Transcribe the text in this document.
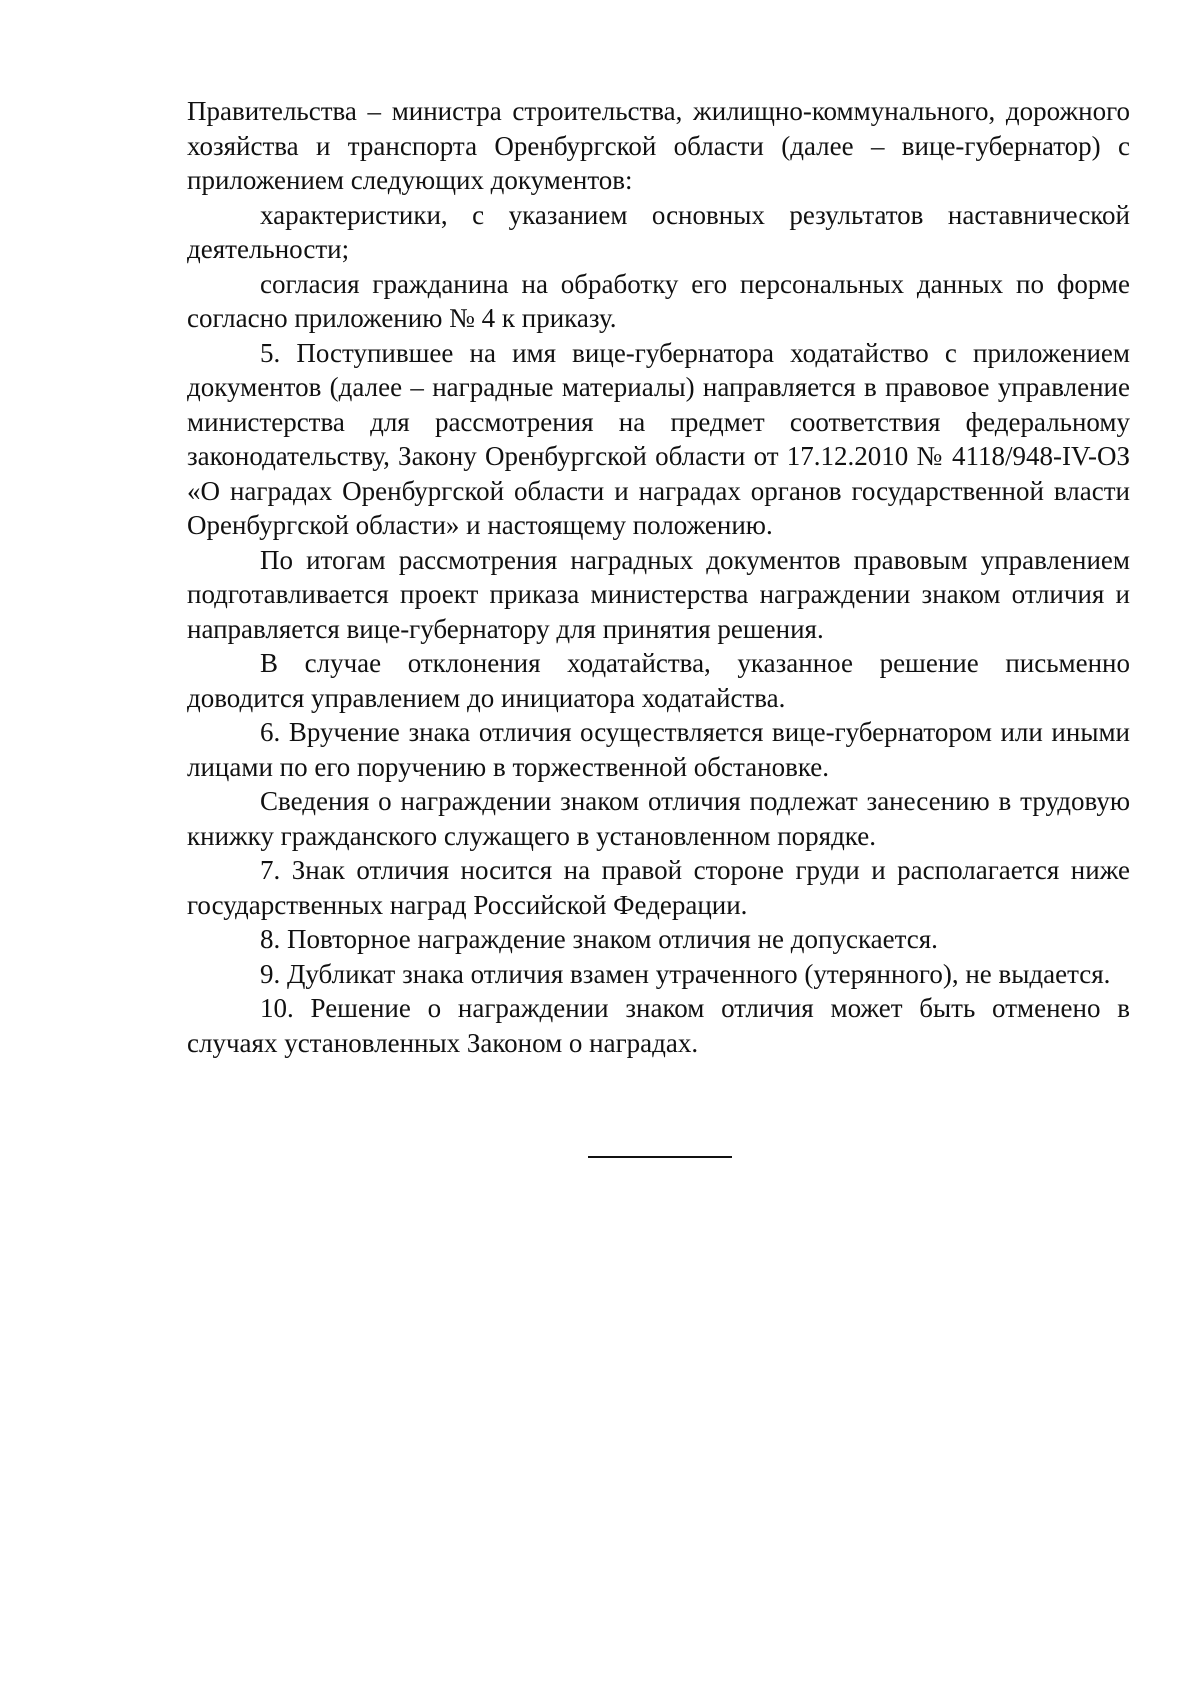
Правительства – министра строительства, жилищно-коммунального, дорожного хозяйства и транспорта Оренбургской области (далее – вице-губернатор) с приложением следующих документов:

характеристики, с указанием основных результатов наставнической деятельности;

согласия гражданина на обработку его персональных данных по форме согласно приложению № 4 к приказу.

5. Поступившее на имя вице-губернатора ходатайство с приложением документов (далее – наградные материалы) направляется в правовое управление министерства для рассмотрения на предмет соответствия федеральному законодательству, Закону Оренбургской области от 17.12.2010 № 4118/948-IV-ОЗ «О наградах Оренбургской области и наградах органов государственной власти Оренбургской области» и настоящему положению.

По итогам рассмотрения наградных документов правовым управлением подготавливается проект приказа министерства награждении знаком отличия и направляется вице-губернатору для принятия решения.

В случае отклонения ходатайства, указанное решение письменно доводится управлением до инициатора ходатайства.

6. Вручение знака отличия осуществляется вице-губернатором или иными лицами по его поручению в торжественной обстановке.

Сведения о награждении знаком отличия подлежат занесению в трудовую книжку гражданского служащего в установленном порядке.

7. Знак отличия носится на правой стороне груди и располагается ниже государственных наград Российской Федерации.

8. Повторное награждение знаком отличия не допускается.

9. Дубликат знака отличия взамен утраченного (утерянного), не выдается.

10. Решение о награждении знаком отличия может быть отменено в случаях установленных Законом о наградах.
